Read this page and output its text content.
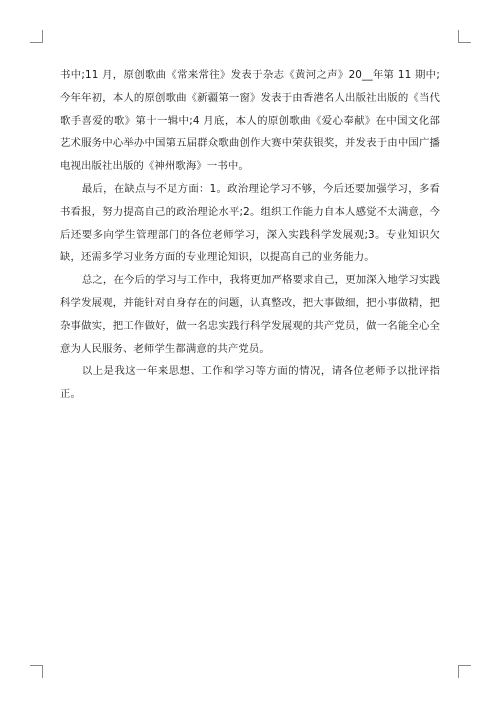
书中;11 月，原创歌曲《常来常往》发表于杂志《黄河之声》20__年第 11 期中;今年年初，本人的原创歌曲《新疆第一窗》发表于由香港名人出版社出版的《当代歌手喜爱的歌》第十一辑中;4 月底，本人的原创歌曲《爱心奉献》在中国文化部艺术服务中心举办中国第五届群众歌曲创作大赛中荣获银奖，并发表于由中国广播电视出版社出版的《神州歌海》一书中。

最后，在缺点与不足方面：1。政治理论学习不够，今后还要加强学习，多看书看报，努力提高自己的政治理论水平;2。组织工作能力自本人感觉不太满意，今后还要多向学生管理部门的各位老师学习，深入实践科学发展观;3。专业知识欠缺，还需多学习业务方面的专业理论知识，以提高自己的业务能力。

总之，在今后的学习与工作中，我将更加严格要求自己，更加深入地学习实践科学发展观，并能针对自身存在的问题，认真整改，把大事做细，把小事做精，把杂事做实，把工作做好，做一名忠实践行科学发展观的共产党员，做一名能全心全意为人民服务、老师学生都满意的共产党员。

以上是我这一年来思想、工作和学习等方面的情况，请各位老师予以批评指正。
